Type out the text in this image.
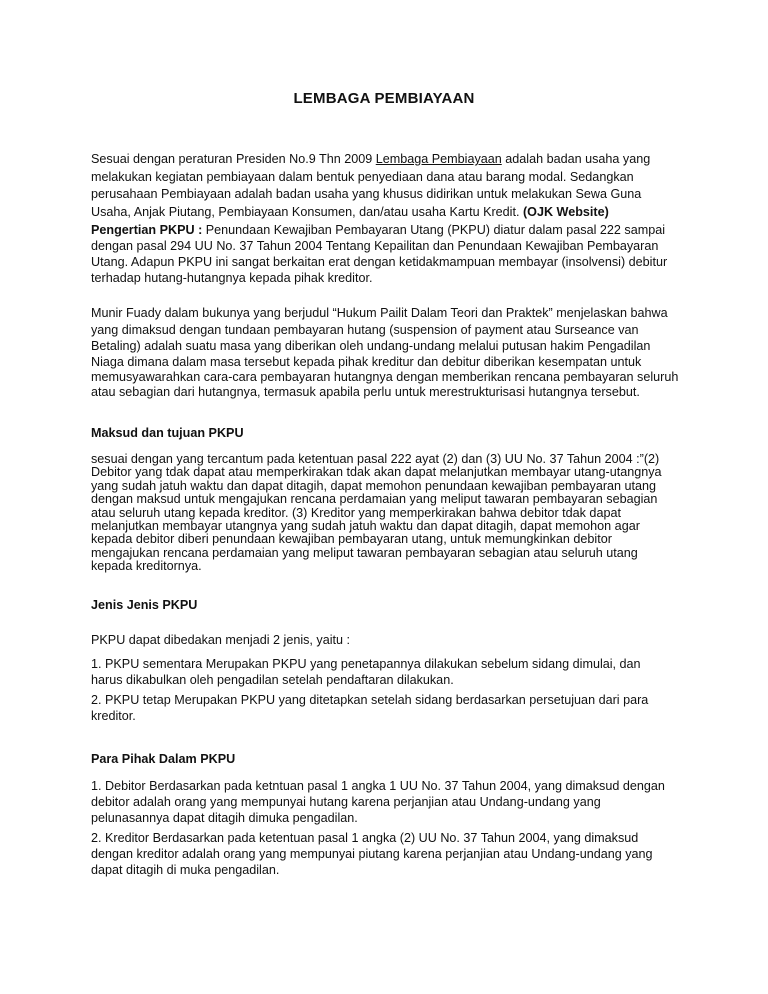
LEMBAGA PEMBIAYAAN
Sesuai dengan peraturan Presiden No.9 Thn 2009 Lembaga Pembiayaan adalah badan usaha yang
melakukan kegiatan pembiayaan dalam bentuk penyediaan dana atau barang modal. Sedangkan
perusahaan Pembiayaan adalah badan usaha yang khusus didirikan untuk melakukan Sewa Guna
Usaha, Anjak Piutang, Pembiayaan Konsumen, dan/atau usaha Kartu Kredit. (OJK Website)
Pengertian PKPU : Penundaan Kewajiban Pembayaran Utang (PKPU) diatur dalam pasal 222 sampai
dengan pasal 294 UU No. 37 Tahun 2004 Tentang Kepailitan dan Penundaan Kewajiban Pembayaran
Utang. Adapun PKPU ini sangat berkaitan erat dengan ketidakmampuan membayar (insolvensi) debitur
terhadap hutang-hutangnya kepada pihak kreditor.
Munir Fuady dalam bukunya yang berjudul “Hukum Pailit Dalam Teori dan Praktek” menjelaskan bahwa
yang dimaksud dengan tundaan pembayaran hutang (suspension of payment atau Surseance van
Betaling) adalah suatu masa yang diberikan oleh undang-undang melalui putusan hakim Pengadilan
Niaga dimana dalam masa tersebut kepada pihak kreditur dan debitur diberikan kesempatan untuk
memusyawarahkan cara-cara pembayaran hutangnya dengan memberikan rencana pembayaran seluruh
atau sebagian dari hutangnya, termasuk apabila perlu untuk merestrukturisasi hutangnya tersebut.
Maksud dan tujuan PKPU
sesuai dengan yang tercantum pada ketentuan pasal 222 ayat (2) dan (3) UU No. 37 Tahun 2004 :”(2)
Debitor yang tdak dapat atau memperkirakan tdak akan dapat melanjutkan membayar utang-utangnya
yang sudah jatuh waktu dan dapat ditagih, dapat memohon penundaan kewajiban pembayaran utang
dengan maksud untuk mengajukan rencana perdamaian yang meliput tawaran pembayaran sebagian
atau seluruh utang kepada kreditor. (3) Kreditor yang memperkirakan bahwa debitor tdak dapat
melanjutkan membayar utangnya yang sudah jatuh waktu dan dapat ditagih, dapat memohon agar
kepada debitor diberi penundaan kewajiban pembayaran utang, untuk memungkinkan debitor
mengajukan rencana perdamaian yang meliput tawaran pembayaran sebagian atau seluruh utang
kepada kreditornya.
Jenis Jenis PKPU
PKPU dapat dibedakan menjadi 2 jenis, yaitu :
1. PKPU sementara Merupakan PKPU yang penetapannya dilakukan sebelum sidang dimulai, dan
harus dikabulkan oleh pengadilan setelah pendaftaran dilakukan.
2. PKPU tetap Merupakan PKPU yang ditetapkan setelah sidang berdasarkan persetujuan dari para
kreditor.
Para Pihak Dalam PKPU
1. Debitor Berdasarkan pada ketntuan pasal 1 angka 1 UU No. 37 Tahun 2004, yang dimaksud dengan
debitor adalah orang yang mempunyai hutang karena perjanjian atau Undang-undang yang
pelunasannya dapat ditagih dimuka pengadilan.
2. Kreditor Berdasarkan pada ketentuan pasal 1 angka (2) UU No. 37 Tahun 2004, yang dimaksud
dengan kreditor adalah orang yang mempunyai piutang karena perjanjian atau Undang-undang yang
dapat ditagih di muka pengadilan.
